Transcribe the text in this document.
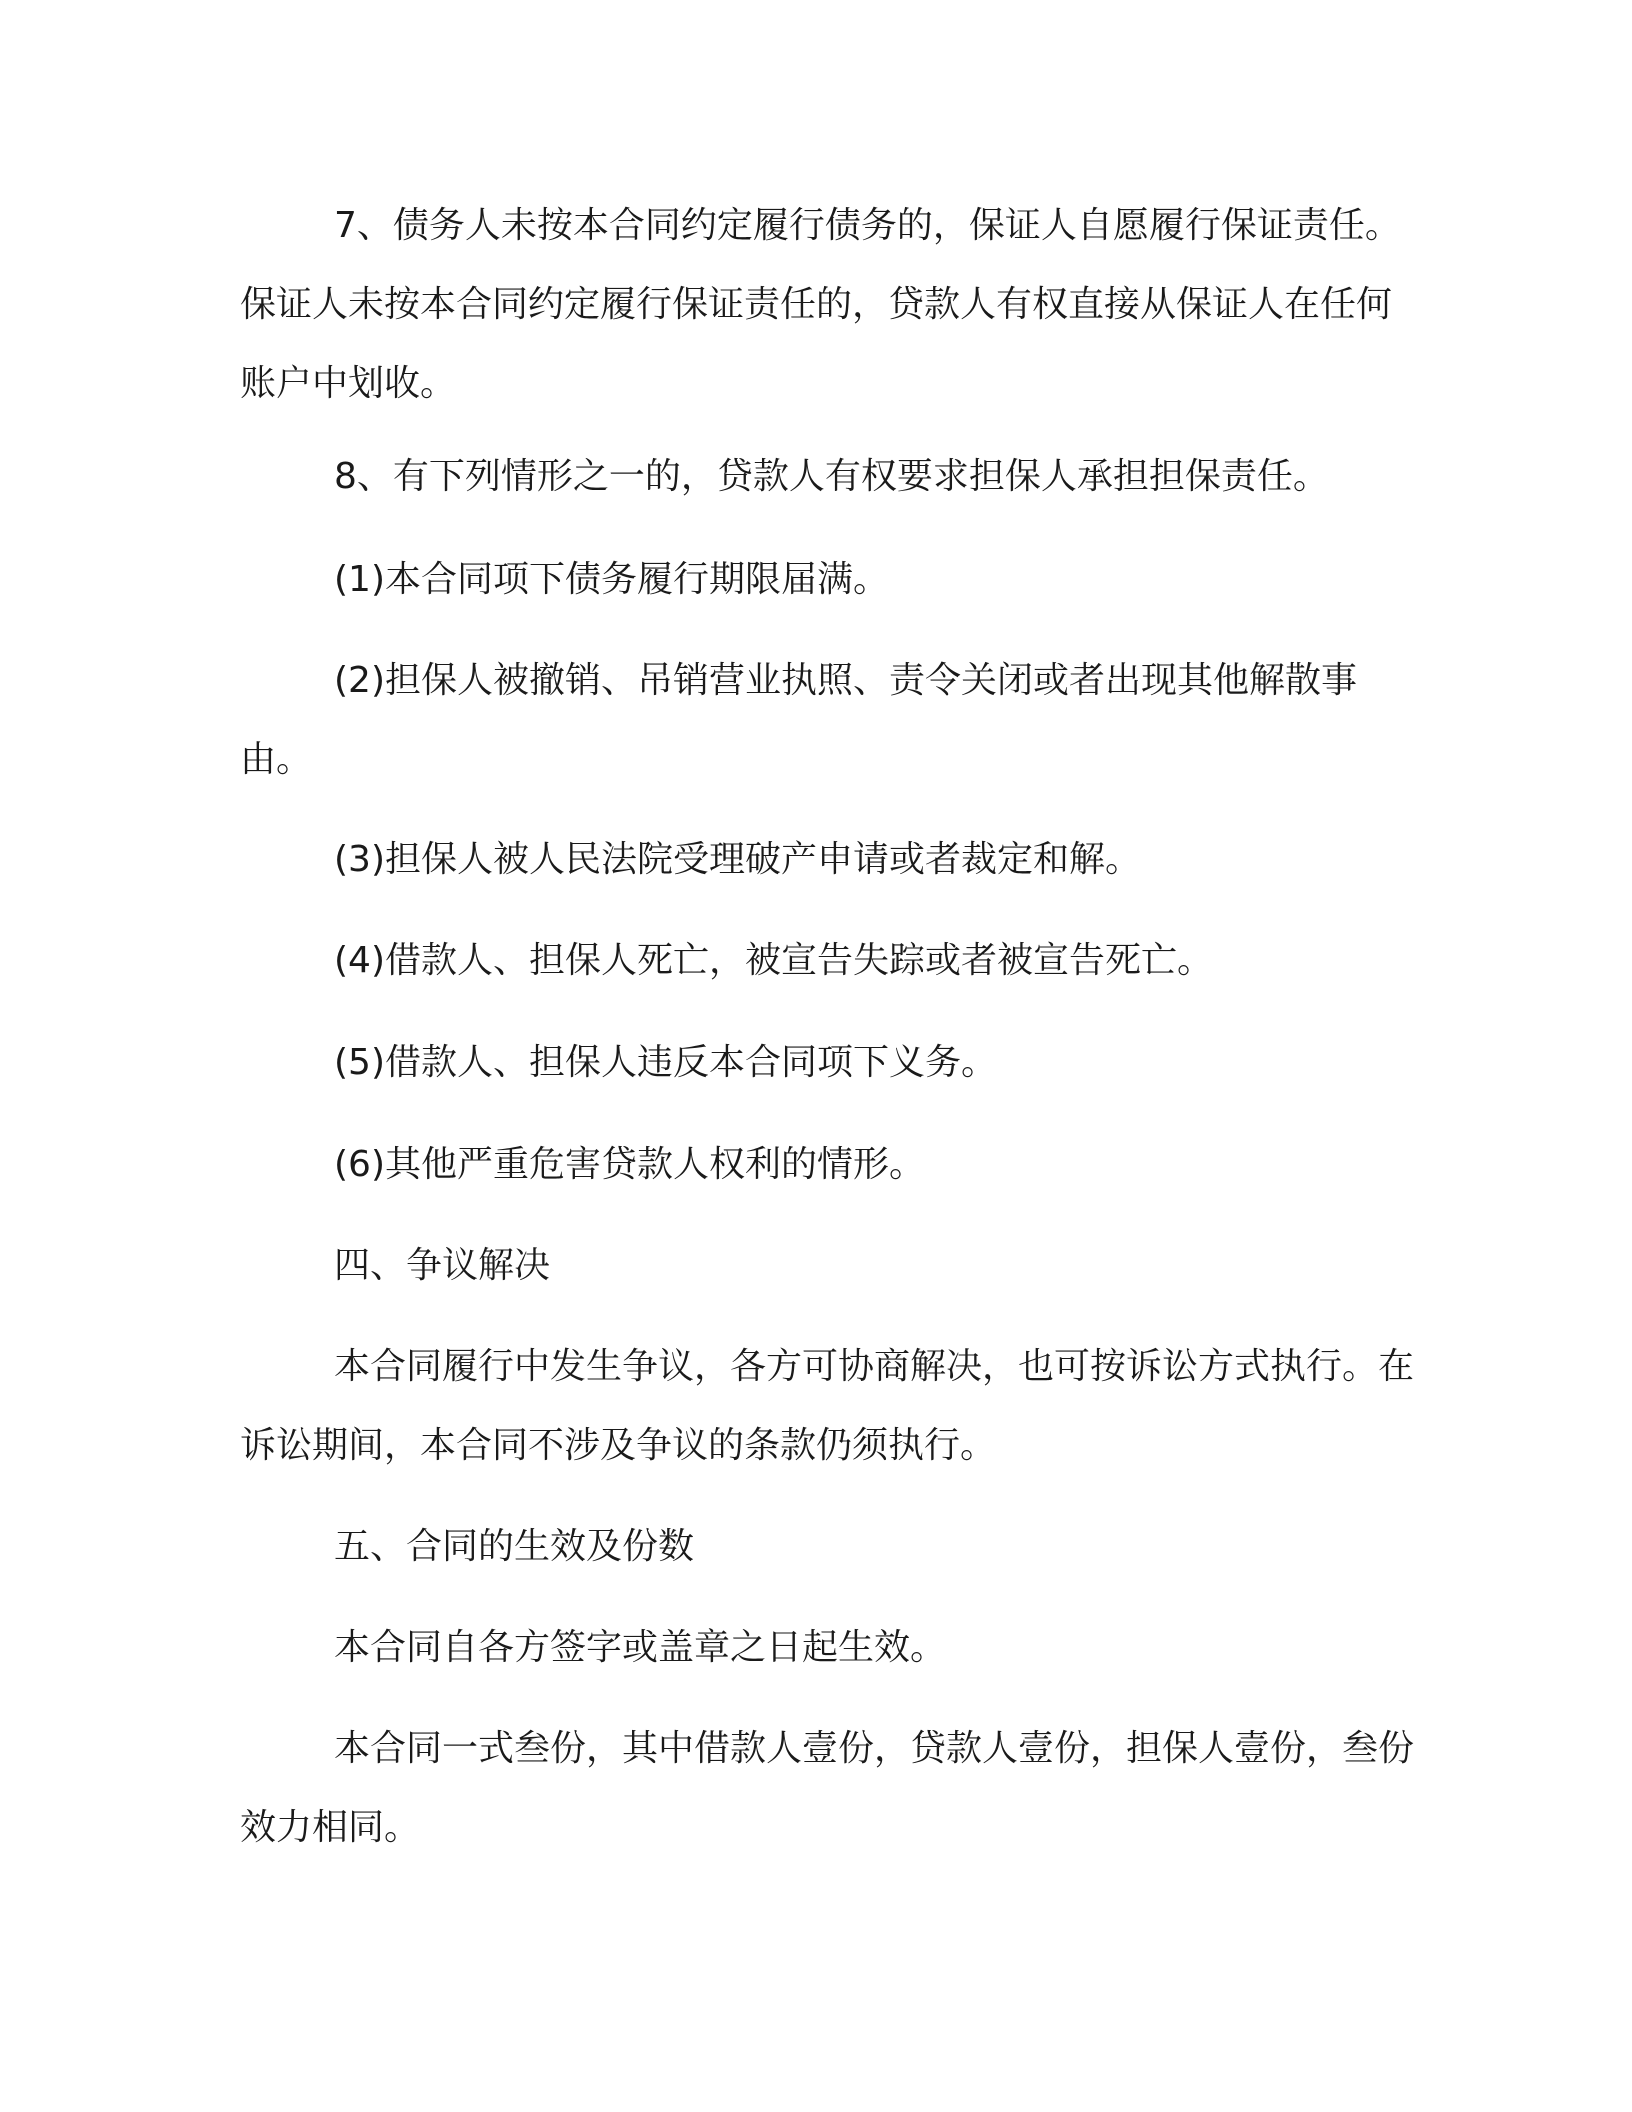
7、债务人未按本合同约定履行债务的，保证人自愿履行保证责任。保证人未按本合同约定履行保证责任的，贷款人有权直接从保证人在任何账户中划收。

8、有下列情形之一的，贷款人有权要求担保人承担担保责任。

(1)本合同项下债务履行期限届满。

(2)担保人被撤销、吊销营业执照、责令关闭或者出现其他解散事由。

(3)担保人被人民法院受理破产申请或者裁定和解。

(4)借款人、担保人死亡，被宣告失踪或者被宣告死亡。

(5)借款人、担保人违反本合同项下义务。

(6)其他严重危害贷款人权利的情形。

四、争议解决

本合同履行中发生争议，各方可协商解决，也可按诉讼方式执行。在诉讼期间，本合同不涉及争议的条款仍须执行。

五、合同的生效及份数

本合同自各方签字或盖章之日起生效。

本合同一式叁份，其中借款人壹份，贷款人壹份，担保人壹份，叁份效力相同。
